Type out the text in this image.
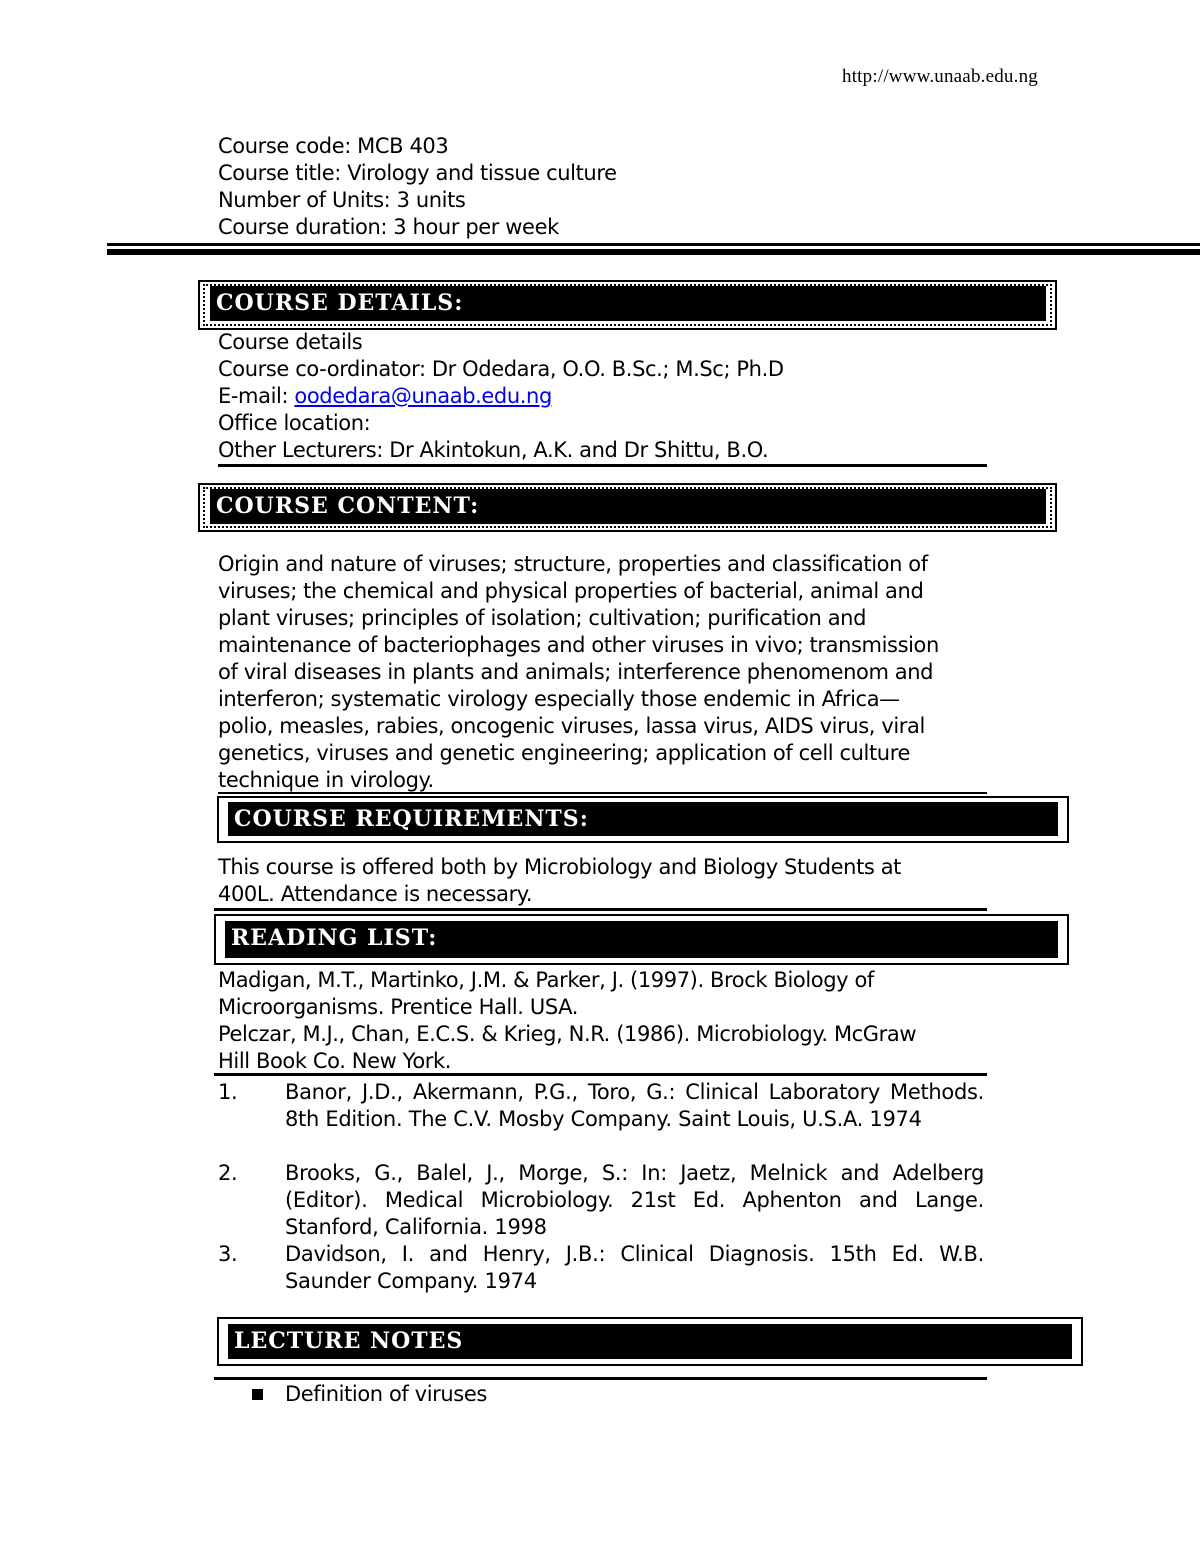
http://www.unaab.edu.ng
Course code: MCB 403
Course title: Virology and tissue culture
Number of Units: 3 units
Course duration: 3 hour per week
COURSE DETAILS:
Course details
Course co-ordinator: Dr Odedara, O.O. B.Sc.; M.Sc; Ph.D
E-mail: oodedara@unaab.edu.ng
Office location:
Other Lecturers: Dr Akintokun, A.K. and Dr Shittu, B.O.
COURSE CONTENT:
Origin and nature of viruses; structure, properties and classification of
viruses; the chemical and physical properties of bacterial, animal and
plant viruses; principles of isolation; cultivation; purification and
maintenance of bacteriophages and other viruses in vivo; transmission
of viral diseases in plants and animals; interference phenomenom and
interferon; systematic virology especially those endemic in Africa—
polio, measles, rabies, oncogenic viruses, lassa virus, AIDS virus, viral
genetics, viruses and genetic engineering; application of cell culture
technique in virology.
COURSE REQUIREMENTS:
This course is offered both by Microbiology and Biology Students at
400L. Attendance is necessary.
READING LIST:
Madigan, M.T., Martinko, J.M. & Parker, J. (1997). Brock Biology of
Microorganisms. Prentice Hall. USA.
Pelczar, M.J., Chan, E.C.S. & Krieg, N.R. (1986). Microbiology. McGraw
Hill Book Co. New York.
1. Banor, J.D., Akermann, P.G., Toro, G.: Clinical Laboratory Methods. 8th Edition. The C.V. Mosby Company. Saint Louis, U.S.A. 1974
2. Brooks, G., Balel, J., Morge, S.: In: Jaetz, Melnick and Adelberg (Editor). Medical Microbiology. 21st Ed. Aphenton and Lange. Stanford, California. 1998
3. Davidson, I. and Henry, J.B.: Clinical Diagnosis. 15th Ed. W.B. Saunder Company. 1974
LECTURE NOTES
Definition of viruses
